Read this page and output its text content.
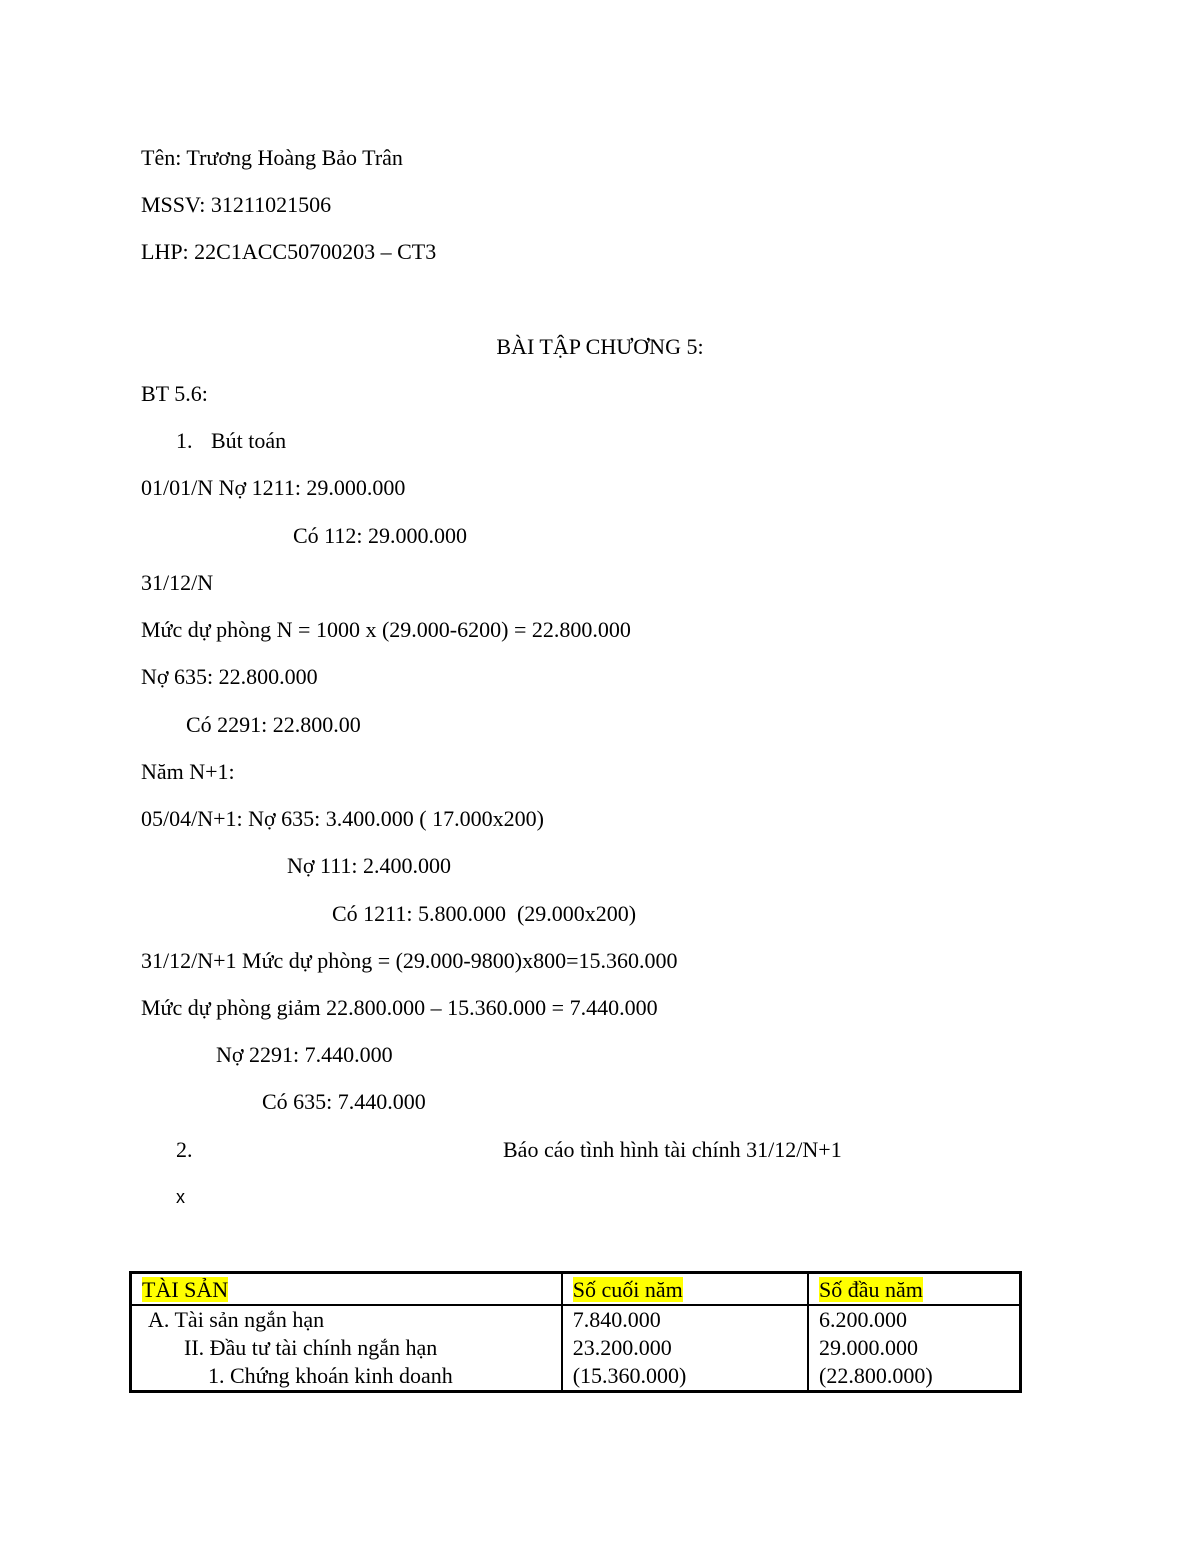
Tên: Trương Hoàng Bảo Trân
MSSV: 31211021506
LHP: 22C1ACC50700203 – CT3
BÀI TẬP CHƯƠNG 5:
BT 5.6:
1. Bút toán
01/01/N Nợ 1211: 29.000.000
Có 112: 29.000.000
31/12/N
Mức dự phòng N = 1000 x (29.000-6200) = 22.800.000
Nợ 635: 22.800.000
Có 2291: 22.800.00
Năm N+1:
05/04/N+1: Nợ 635: 3.400.000 ( 17.000x200)
Nợ 111: 2.400.000
Có 1211: 5.800.000  (29.000x200)
31/12/N+1 Mức dự phòng = (29.000-9800)x800=15.360.000
Mức dự phòng giảm 22.800.000 – 15.360.000 = 7.440.000
Nợ 2291: 7.440.000
Có 635: 7.440.000
2.	Báo cáo tình hình tài chính 31/12/N+1
x
TÀI SẢN	Số cuối năm	Số đầu năm
A. Tài sản ngắn hạn	7.840.000	6.200.000
II. Đầu tư tài chính ngắn hạn	23.200.000	29.000.000
1. Chứng khoán kinh doanh	(15.360.000)	(22.800.000)
